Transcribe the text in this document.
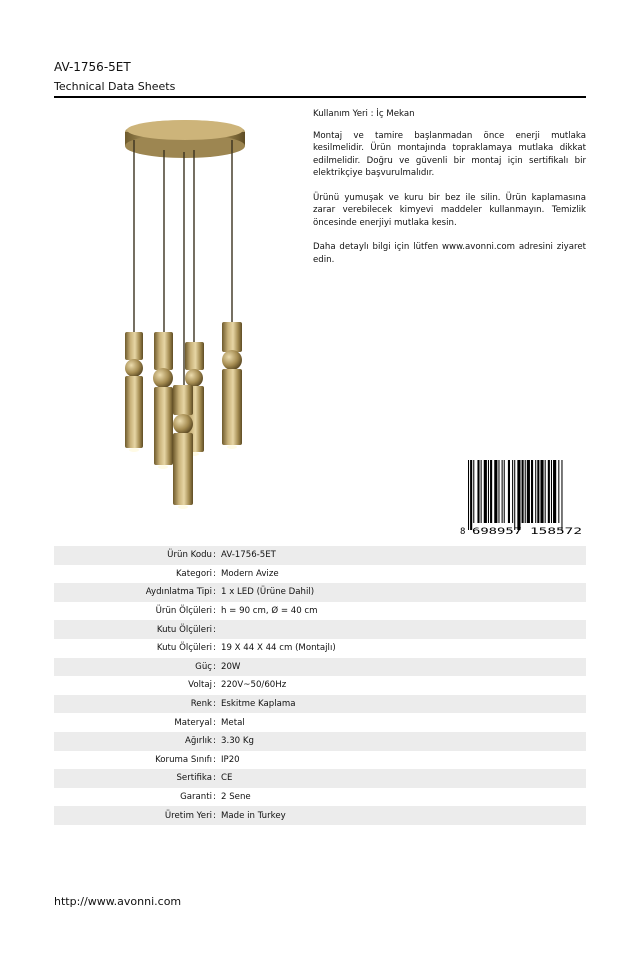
AV-1756-5ET
Technical Data Sheets

Kullanım Yeri : İç Mekan

Montaj ve tamire başlanmadan önce enerji mutlaka kesilmelidir. Ürün montajında topraklamaya mutlaka dikkat edilmelidir. Doğru ve güvenli bir montaj için sertifikalı bir elektrikçiye başvurulmalıdır.

Ürünü yumuşak ve kuru bir bez ile silin. Ürün kaplamasına zarar verebilecek kimyevi maddeler kullanmayın. Temizlik öncesinde enerjiyi mutlaka kesin.

Daha detaylı bilgi için lütfen www.avonni.com adresini ziyaret edin.

8 698957 158572
Ürün Kodu : AV-1756-5ET
Kategori : Modern Avize
Aydınlatma Tipi : 1 x LED (Ürüne Dahil)
Ürün Ölçüleri : h = 90 cm, Ø = 40 cm
Kutu Ölçüleri :
Kutu Ölçüleri : 19 X 44 X 44 cm (Montajlı)
Güç : 20W
Voltaj : 220V~50/60Hz
Renk : Eskitme Kaplama
Materyal : Metal
Ağırlık : 3.30 Kg
Koruma Sınıfı : IP20
Sertifika : CE
Garanti : 2 Sene
Üretim Yeri : Made in Turkey
http://www.avonni.com
